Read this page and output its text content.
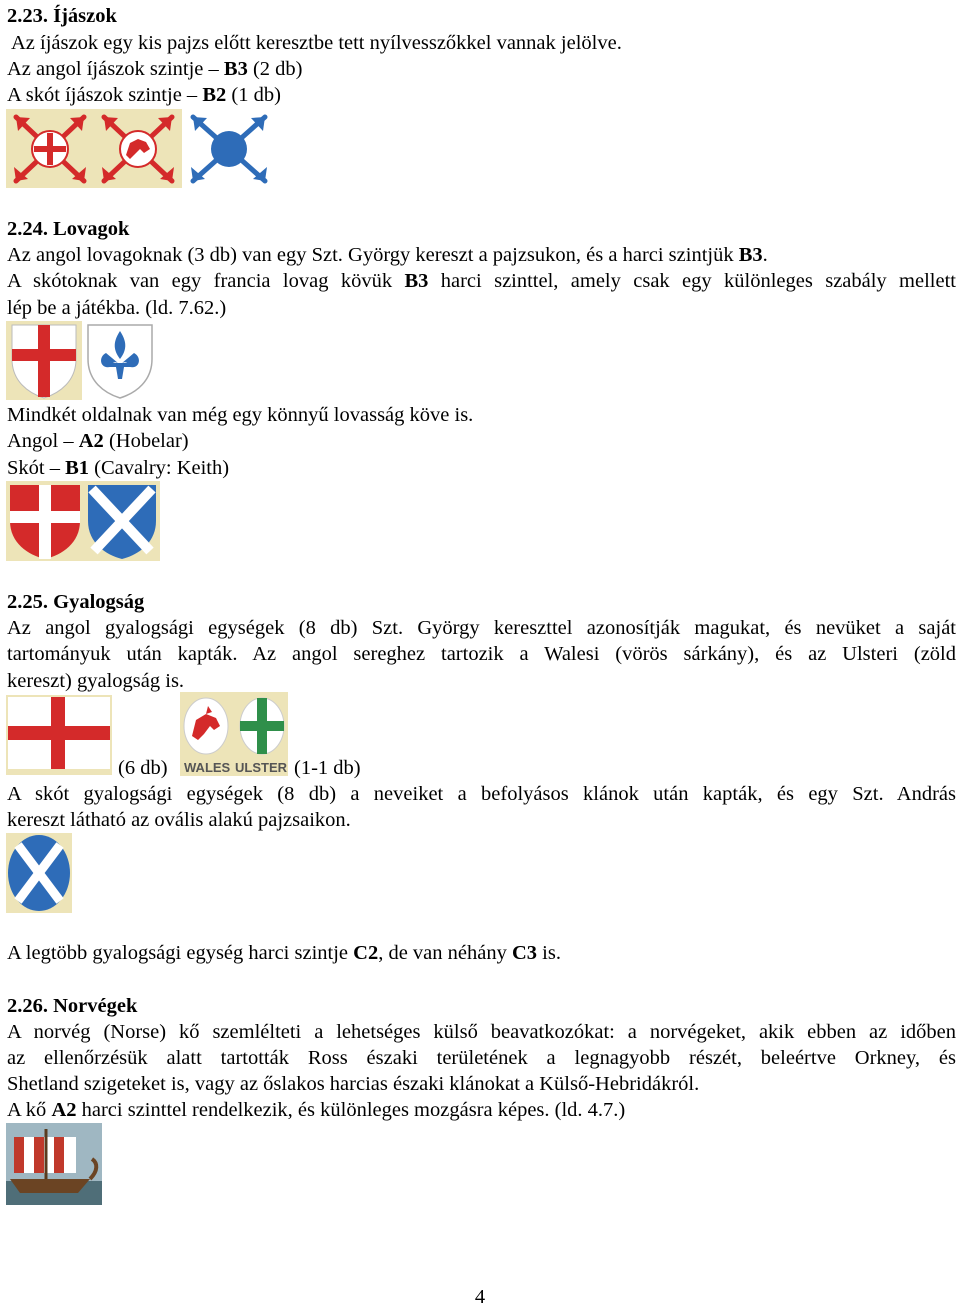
2.23. Íjászok
Az íjászok egy kis pajzs előtt keresztbe tett nyílvesszőkkel vannak jelölve.
Az angol íjászok szintje – B3 (2 db)
A skót íjászok szintje – B2 (1 db)
2.24. Lovagok
Az angol lovagoknak (3 db) van egy Szt. György kereszt a pajzsukon, és a harci szintjük B3.
A skótoknak van egy francia lovag kövük B3 harci szinttel, amely csak egy különleges szabály mellett
lép be a játékba. (ld. 7.62.)
Mindkét oldalnak van még egy könnyű lovasság köve is.
Angol – A2 (Hobelar)
Skót – B1 (Cavalry: Keith)
2.25. Gyalogság
Az angol gyalogsági egységek (8 db) Szt. György kereszttel azonosítják magukat, és nevüket a saját
tartományuk után kapták. Az angol sereghez tartozik a Walesi (vörös sárkány), és az Ulsteri (zöld
kereszt) gyalogság is.
(6 db) WALES ULSTER (1-1 db)
A skót gyalogsági egységek (8 db) a neveiket a befolyásos klánok után kapták, és egy Szt. András
kereszt látható az ovális alakú pajzsaikon.
A legtöbb gyalogsági egység harci szintje C2, de van néhány C3 is.
2.26. Norvégek
A norvég (Norse) kő szemlélteti a lehetséges külső beavatkozókat: a norvégeket, akik ebben az időben
az ellenőrzésük alatt tartották Ross északi területének a legnagyobb részét, beleértve Orkney, és
Shetland szigeteket is, vagy az őslakos harcias északi klánokat a Külső-Hebridákról.
A kő A2 harci szinttel rendelkezik, és különleges mozgásra képes. (ld. 4.7.)
4
